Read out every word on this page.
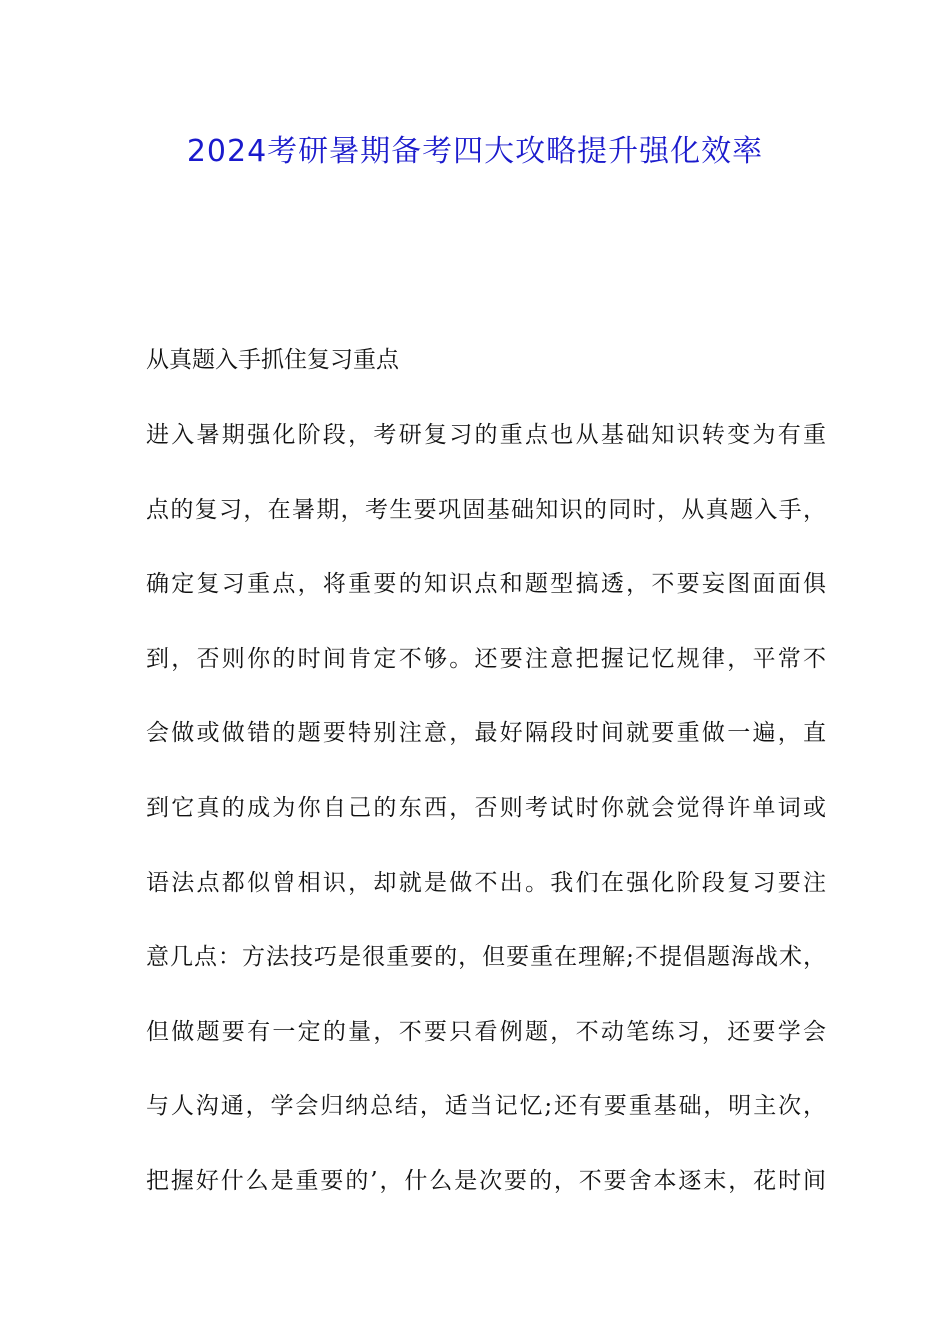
2024考研暑期备考四大攻略提升强化效率
从真题入手抓住复习重点
进入暑期强化阶段，考研复习的重点也从基础知识转变为有重
点的复习，在暑期，考生要巩固基础知识的同时，从真题入手，
确定复习重点，将重要的知识点和题型搞透，不要妄图面面俱
到，否则你的时间肯定不够。还要注意把握记忆规律，平常不
会做或做错的题要特别注意，最好隔段时间就要重做一遍，直
到它真的成为你自己的东西，否则考试时你就会觉得许单词或
语法点都似曾相识，却就是做不出。我们在强化阶段复习要注
意几点：方法技巧是很重要的，但要重在理解;不提倡题海战术，
但做题要有一定的量，不要只看例题，不动笔练习，还要学会
与人沟通，学会归纳总结，适当记忆;还有要重基础，明主次，
把握好什么是重要的’，什么是次要的，不要舍本逐末，花时间
